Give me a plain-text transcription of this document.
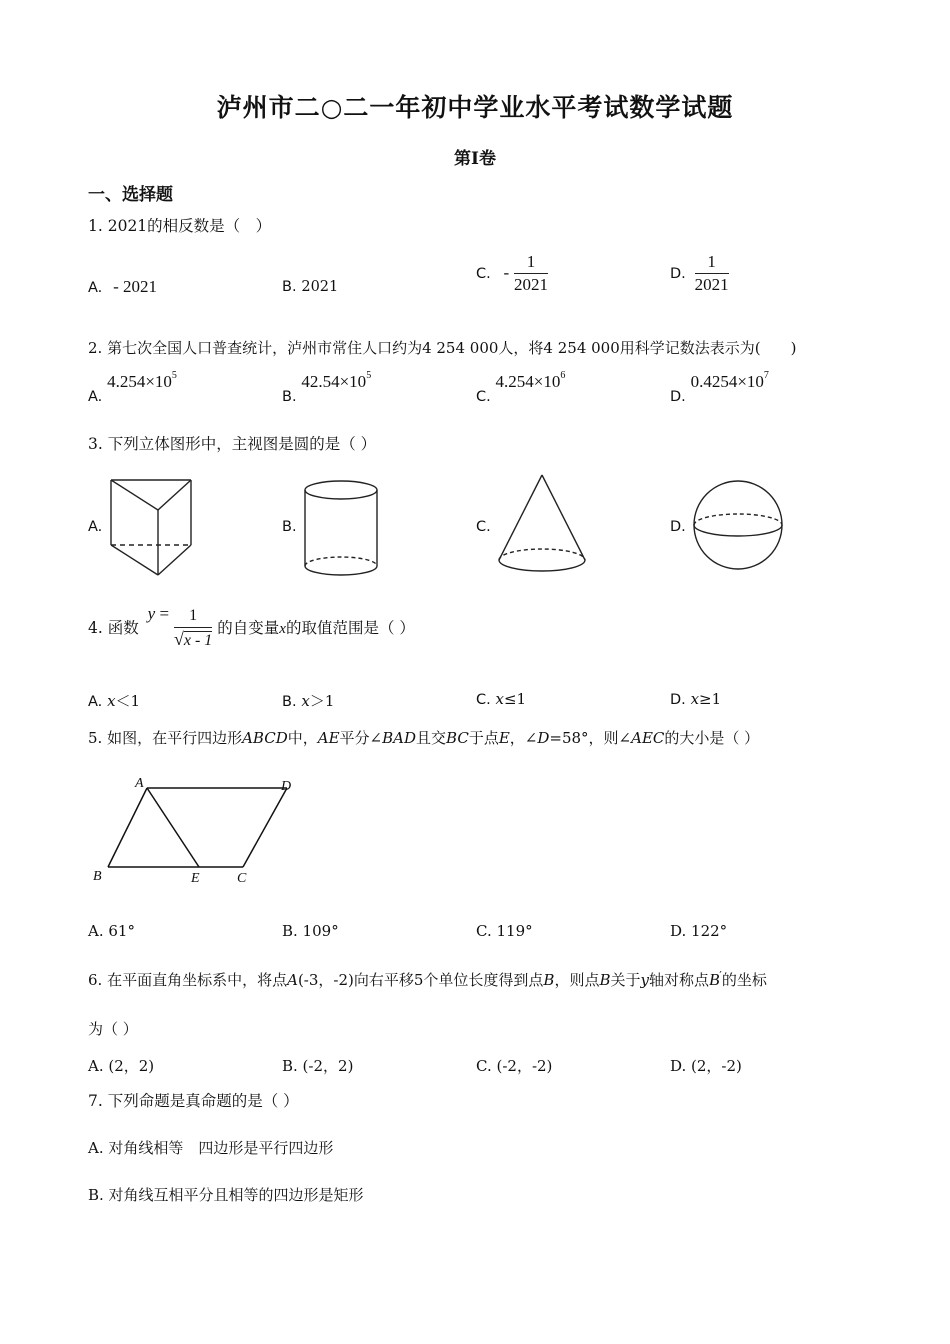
泸州市二○二一年初中学业水平考试数学试题
第Ⅰ卷
一、选择题
1. 2021的相反数是（　）
A. - 2021	B. 2021
C. - $\frac{1}{2021}$	D. $\frac{1}{2021}$
2. 第七次全国人口普查统计，泸州市常住人口约为4 254 000人，将4 254 000用科学记数法表示为(　　)
A. $4.254\times 10^5$
B. $42.54\times 10^5$
C. $4.254\times 10^6$
D. $0.4254\times 10^7$
3. 下列立体图形中，主视图是圆的是（ ）
A.	B.	C.	D.
4. 函数 $y = \frac{1}{√x - 1}$ 的自变量x的取值范围是（ ）
A. x＜1	B. x＞1	C. x≤1	D. x≥1
5. 如图，在平行四边形ABCD中，AE平分∠BAD且交BC于点E，∠D=58°，则∠AEC的大小是（ ）
A	D
B	E	C
A. 61°	B. 109°	C. 119°	D. 122°
6. 在平面直角坐标系中，将点A(-3，-2)向右平移5个单位长度得到点B，则点B关于y轴对称点B′的坐标
为（ ）
A. (2，2)	B. (-2，2)	C. (-2，-2)	D. (2，-2)
7. 下列命题是真命题的是（ ）
A. 对角线相等　四边形是平行四边形
B. 对角线互相平分且相等的四边形是矩形
